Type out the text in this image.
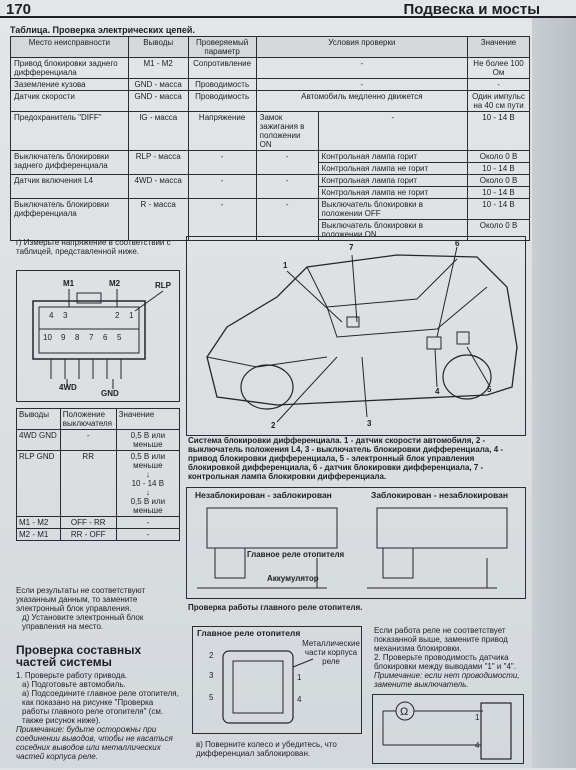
170	Подвеска и мосты
Таблица. Проверка электрических цепей.
Место неисправности	Выводы	Проверяемый параметр	Условия проверки		Значение
Привод блокировки заднего дифференциала	M1 - M2	Сопротивление	-		Не более 100 Ом
Заземление кузова	GND - масса	Проводимость	-		-
Датчик скорости	GND - масса	Проводимость	Автомобиль медленно движется		Один импульс на 40 см пути
Предохранитель "DIFF"	IG - масса	Напряжение	Замок зажигания в положении ON	-	10 - 14 В
Выключатель блокировки заднего дифференциала	RLP - масса	-	-	Контрольная лампа горит	Около 0 В
				Контрольная лампа не горит	10 - 14 В
Датчик включения L4	4WD - масса	-	-	Контрольная лампа горит	Около 0 В
				Контрольная лампа не горит	10 - 14 В
Выключатель блокировки дифференциала	R - масса	-	-	Выключатель блокировки в положении OFF	10 - 14 В
				Выключатель блокировки в положении ON	Около 0 В
г) Измерьте напряжение в соответствии с таблицей, представленной ниже.
M1	M2	RLP
4WD
GND
4 3	2 1
10 9 8 7 6 5
Выводы	Положение выключателя	Значение
4WD GND	-	0,5 В или меньше
RLP GND	RR	0,5 В или меньше
↓
10 - 14 В
↓
0,5 В или меньше

M1 - M2	OFF - RR	-
M2 - M1	RR - OFF	-
Если результаты не соответствуют указанным данным, то замените электронный блок управления.
д) Установите электронный блок управления на место.
Проверка составных частей системы
1. Проверьте работу привода.
а) Подготовьте автомобиль.
а) Подсоедините главное реле отопителя, как показано на рисунке "Проверка работы главного реле отопителя" (см. также рисунок ниже).
Примечание: будьте осторожны при соединении выводов, чтобы не касаться соседних выводов или металлических частей корпуса реле.
1
2	3
4	5
6
7
Система блокировки дифференциала. 1 - датчик скорости автомобиля, 2 - выключатель положения L4, 3 - выключатель блокировки дифференциала, 4 - привод блокировки дифференциала, 5 - электронный блок управления блокировкой дифференциала, 6 - датчик блокировки дифференциала, 7 - контрольная лампа блокировки дифференциала.
Незаблокирован - заблокирован	Заблокирован - незаблокирован
Главное реле отопителя
Аккумулятор
Проверка работы главного реле отопителя.
Главное реле отопителя
Металлические части корпуса реле
2
1
3
5	4
в) Поверните колесо и убедитесь, что дифференциал заблокирован.
Если работа реле не соответствует показанной выше, замените привод механизма блокировки.
2. Проверьте проводимость датчика блокировки между выводами "1" и "4".
Примечание: если нет проводимости, замените выключатель.
Ω	1
4
